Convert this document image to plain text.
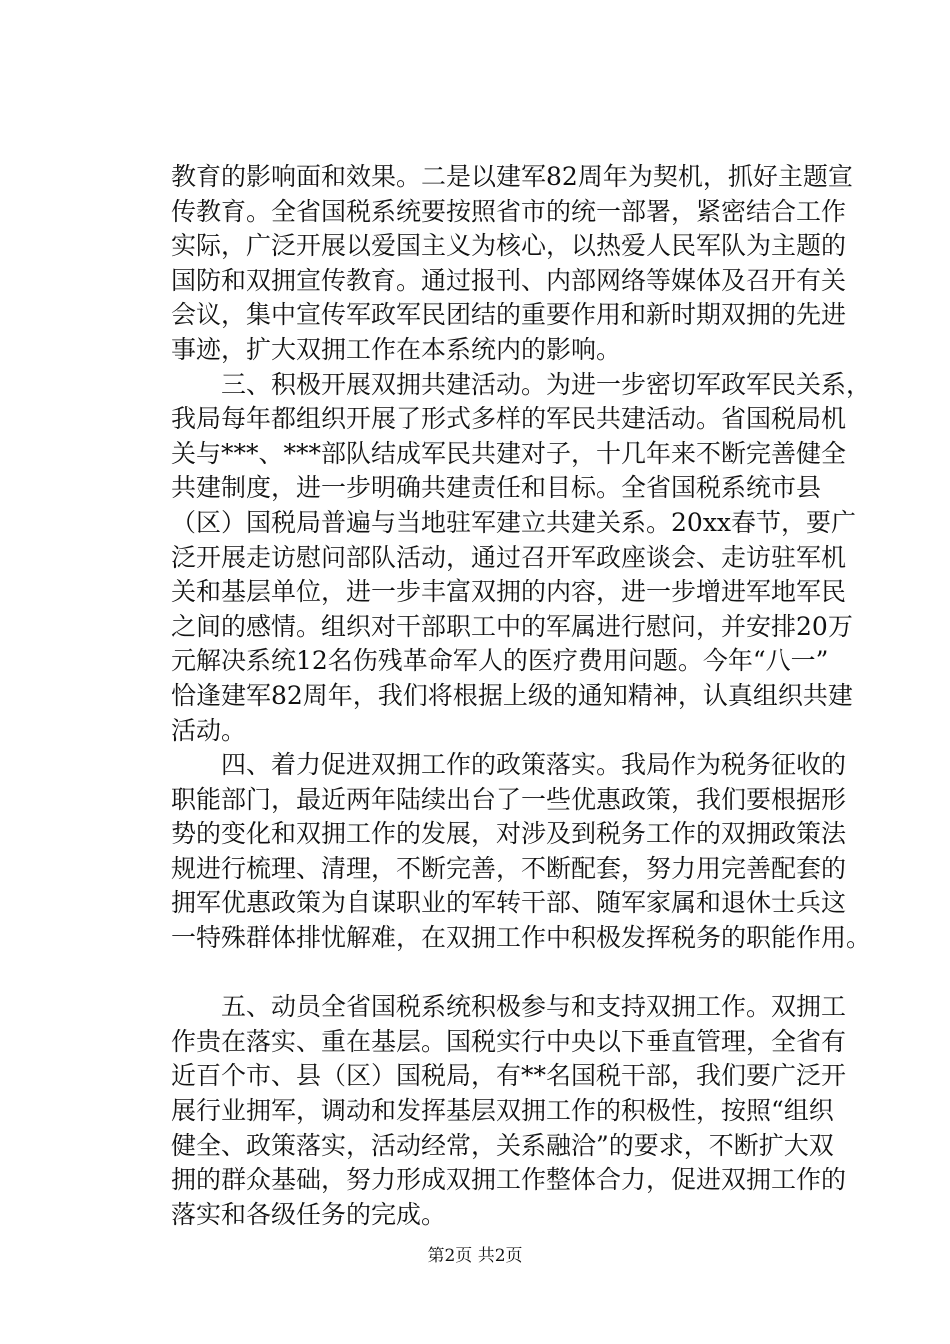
教育的影响面和效果。二是以建军82周年为契机，抓好主题宣
传教育。全省国税系统要按照省市的统一部署，紧密结合工作
实际，广泛开展以爱国主义为核心，以热爱人民军队为主题的
国防和双拥宣传教育。通过报刊、内部网络等媒体及召开有关
会议，集中宣传军政军民团结的重要作用和新时期双拥的先进
事迹，扩大双拥工作在本系统内的影响。
　　三、积极开展双拥共建活动。为进一步密切军政军民关系，
我局每年都组织开展了形式多样的军民共建活动。省国税局机
关与***、***部队结成军民共建对子，十几年来不断完善健全
共建制度，进一步明确共建责任和目标。全省国税系统市县
（区）国税局普遍与当地驻军建立共建关系。20xx春节，要广
泛开展走访慰问部队活动，通过召开军政座谈会、走访驻军机
关和基层单位，进一步丰富双拥的内容，进一步增进军地军民
之间的感情。组织对干部职工中的军属进行慰问，并安排20万
元解决系统12名伤残革命军人的医疗费用问题。今年“八一”
恰逢建军82周年，我们将根据上级的通知精神，认真组织共建
活动。
　　四、着力促进双拥工作的政策落实。我局作为税务征收的
职能部门，最近两年陆续出台了一些优惠政策，我们要根据形
势的变化和双拥工作的发展，对涉及到税务工作的双拥政策法
规进行梳理、清理，不断完善，不断配套，努力用完善配套的
拥军优惠政策为自谋职业的军转干部、随军家属和退休士兵这
一特殊群体排忧解难，在双拥工作中积极发挥税务的职能作用。
　　五、动员全省国税系统积极参与和支持双拥工作。双拥工
作贵在落实、重在基层。国税实行中央以下垂直管理，全省有
近百个市、县（区）国税局，有**名国税干部，我们要广泛开
展行业拥军，调动和发挥基层双拥工作的积极性，按照“组织
健全、政策落实，活动经常，关系融洽”的要求，不断扩大双
拥的群众基础，努力形成双拥工作整体合力，促进双拥工作的
落实和各级任务的完成。
第2页 共2页
